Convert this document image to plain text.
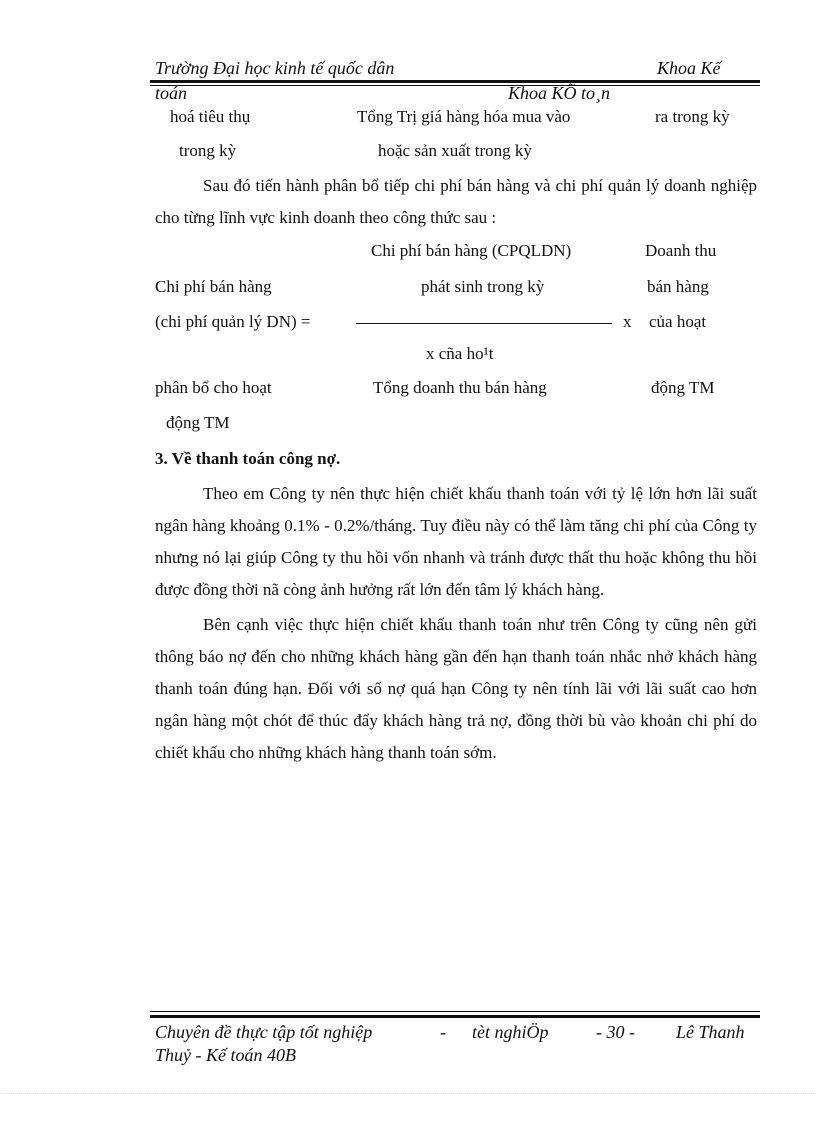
Trường Đại học kinh tế quốc dân	Khoa Kế
toán	Khoa KÕ to¸n
hoá tiêu thụ	Tổng Trị giá hàng hóa mua vào	ra trong kỳ
trong kỳ	hoặc sản xuất trong kỳ

Sau đó tiến hành phân bổ tiếp chi phí bán hàng và chi phí quản lý doanh nghiệp cho từng lĩnh vực kinh doanh theo công thức sau :

Chi phí bán hàng (CPQLDN)	Doanh thu
Chi phí bán hàng	phát sinh trong kỳ	bán hàng
(chi phí quản lý DN) =	x của hoạt
x cña ho¹t
phân bổ cho hoạt	Tổng doanh thu bán hàng	động TM
động TM
3. Về thanh toán công nợ.

Theo em Công ty nên thực hiện chiết khấu thanh toán với tỷ lệ lớn hơn lãi suất ngân hàng khoảng 0.1% - 0.2%/tháng. Tuy điều này có thể làm tăng chi phí của Công ty nhưng nó lại giúp Công ty thu hồi vốn nhanh và tránh được thất thu hoặc không thu hồi được đồng thời nã còng ảnh hưởng rất lớn đến tâm lý khách hàng.

Bên cạnh việc thực hiện chiết khấu thanh toán như trên Công ty cũng nên gửi thông báo nợ đến cho những khách hàng gần đến hạn thanh toán nhắc nhở khách hàng thanh toán đúng hạn. Đối với số nợ quá hạn Công ty nên tính lãi với lãi suất cao hơn ngân hàng một chót để thúc đẩy khách hàng trả nợ, đồng thời bù vào khoản chi phí do chiết khấu cho những khách hàng thanh toán sớm.

Chuyên đề thực tập tốt nghiệp	- tèt nghiÖp	- 30 - Lê Thanh
Thuỷ - Kế toán 40B
